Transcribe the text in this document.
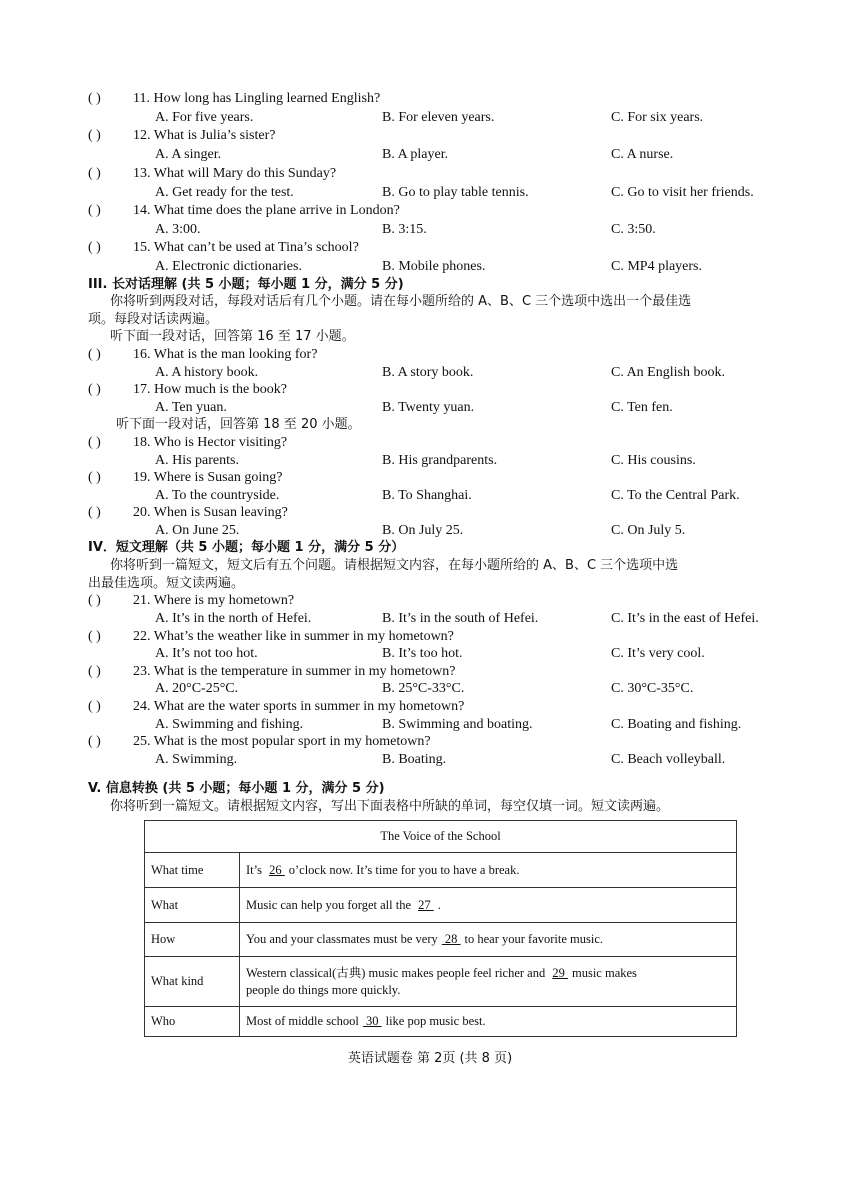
( ) 11. How long has Lingling learned English?
A. For five years.	B. For eleven years.	C. For six years.
( ) 12. What is Julia’s sister?
A. A singer.	B. A player.	C. A nurse.
( ) 13. What will Mary do this Sunday?
A. Get ready for the test.	B. Go to play table tennis.	C. Go to visit her friends.
( ) 14. What time does the plane arrive in London?
A. 3:00.	B. 3:15.	C. 3:50.
( ) 15. What can’t be used at Tina’s school?
A. Electronic dictionaries.	B. Mobile phones.	C. MP4 players.
III. 长对话理解 (共 5 小题；每小题 1 分，满分 5 分)
你将听到两段对话，每段对话后有几个小题。请在每小题所给的 A、B、C 三个选项中选出一个最佳选
项。每段对话读两遍。
听下面一段对话，回答第 16 至 17 小题。
( ) 16. What is the man looking for?
A. A history book.	B. A story book.	C. An English book.
( ) 17. How much is the book?
A. Ten yuan.	B. Twenty yuan.	C. Ten fen.
听下面一段对话，回答第 18 至 20 小题。
( ) 18. Who is Hector visiting?
A. His parents.	B. His grandparents.	C. His cousins.
( ) 19. Where is Susan going?
A. To the countryside.	B. To Shanghai.	C. To the Central Park.
( ) 20. When is Susan leaving?
A. On June 25.	B. On July 25.	C. On July 5.
IV．短文理解（共 5 小题；每小题 1 分，满分 5 分）
你将听到一篇短文，短文后有五个问题。请根据短文内容，在每小题所给的 A、B、C 三个选项中选
出最佳选项。短文读两遍。
( ) 21. Where is my hometown?
A. It’s in the north of Hefei.	B. It’s in the south of Hefei.	C. It’s in the east of Hefei.
( ) 22. What’s the weather like in summer in my hometown?
A. It’s not too hot.	B. It’s too hot.	C. It’s very cool.
( ) 23. What is the temperature in summer in my hometown?
A. 20°C-25°C.	B. 25°C-33°C.	C. 30°C-35°C.
( ) 24. What are the water sports in summer in my hometown?
A. Swimming and fishing.	B. Swimming and boating.	C. Boating and fishing.
( ) 25. What is the most popular sport in my hometown?
A. Swimming.	B. Boating.	C. Beach volleyball.
V. 信息转换 (共 5 小题；每小题 1 分，满分 5 分)
你将听到一篇短文。请根据短文内容，写出下面表格中所缺的单词，每空仅填一词。短文读两遍。
The Voice of the School	
What time	It’s 26 o’clock now. It’s time for you to have a break.
What	Music can help you forget all the 27 .
How	You and your classmates must be very 28 to hear your favorite music.
What kind	Western classical(古典) music makes people feel richer and 29 music makes
people do things more quickly.
Who	Most of middle school 30 like pop music best.
英语试题卷 第 2页 (共 8 页)
